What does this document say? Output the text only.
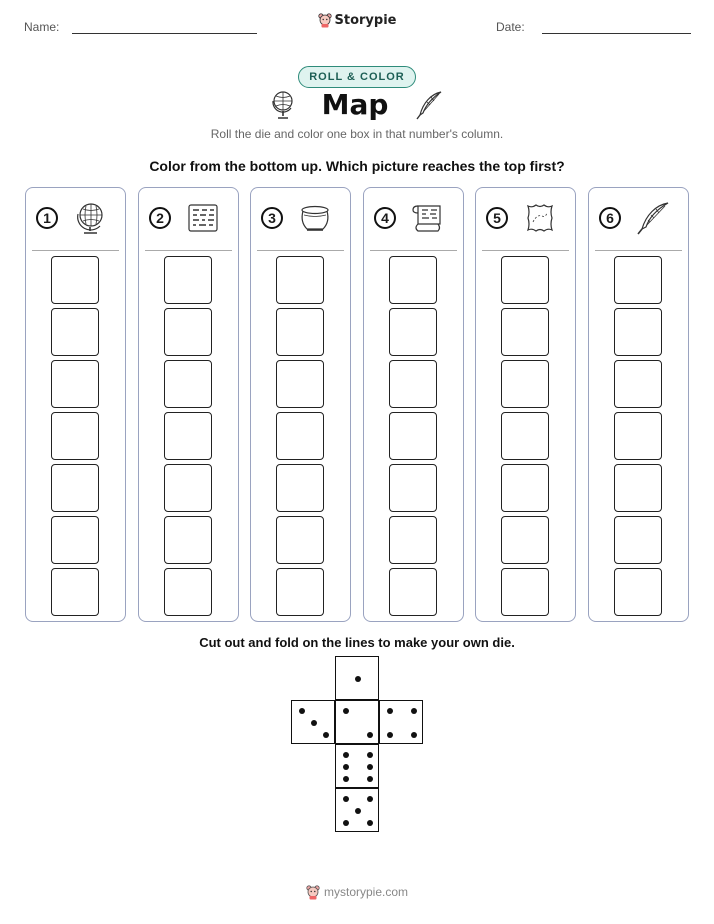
Name:	Storypie	Date:
ROLL & COLOR
Map
Roll the die and color one box in that number's column.
Color from the bottom up. Which picture reaches the top first?
1	2	3	4	5	6
Cut out and fold on the lines to make your own die.
mystorypie.com
